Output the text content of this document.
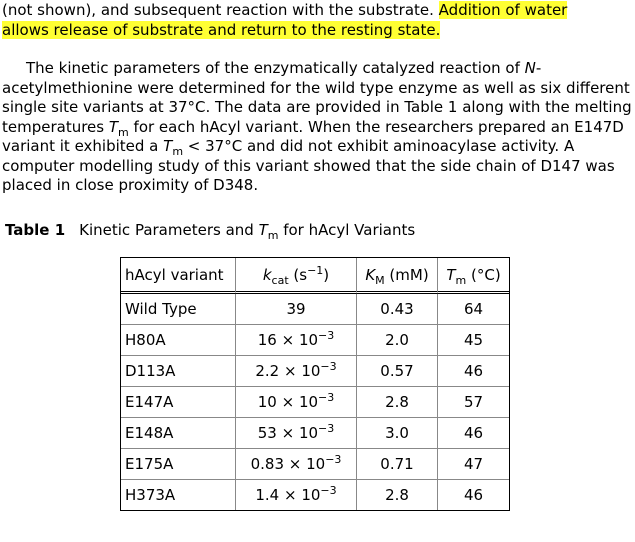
(not shown), and subsequent reaction with the substrate. Addition of water
allows release of substrate and return to the resting state.

The kinetic parameters of the enzymatically catalyzed reaction of N-acetylmethionine were determined for the wild type enzyme as well as six different single site variants at 37°C. The data are provided in Table 1 along with the melting temperatures $T_m$ for each hAcyl variant. When the researchers prepared an E147D variant it exhibited a $T_m < 37^\circ C$ and did not exhibit aminoacylase activity. A computer modelling study of this variant showed that the side chain of D147 was placed in close proximity of D348.

Table 1 Kinetic Parameters and $T_m$ for hAcyl Variants
hAcyl variant	$k_{cat}$ $(s^{-1})$	$K_M$ (mM)	$T_m$ (°C)
Wild Type	39	0.43	64
H80A	$16 \times 10^{-3}$	2.0	45
D113A	$2.2 \times 10^{-3}$	0.57	46
E147A	$10 \times 10^{-3}$	2.8	57
E148A	$53 \times 10^{-3}$	3.0	46
E175A	$0.83 \times 10^{-3}$	0.71	47
H373A	$1.4 \times 10^{-3}$	2.8	46
